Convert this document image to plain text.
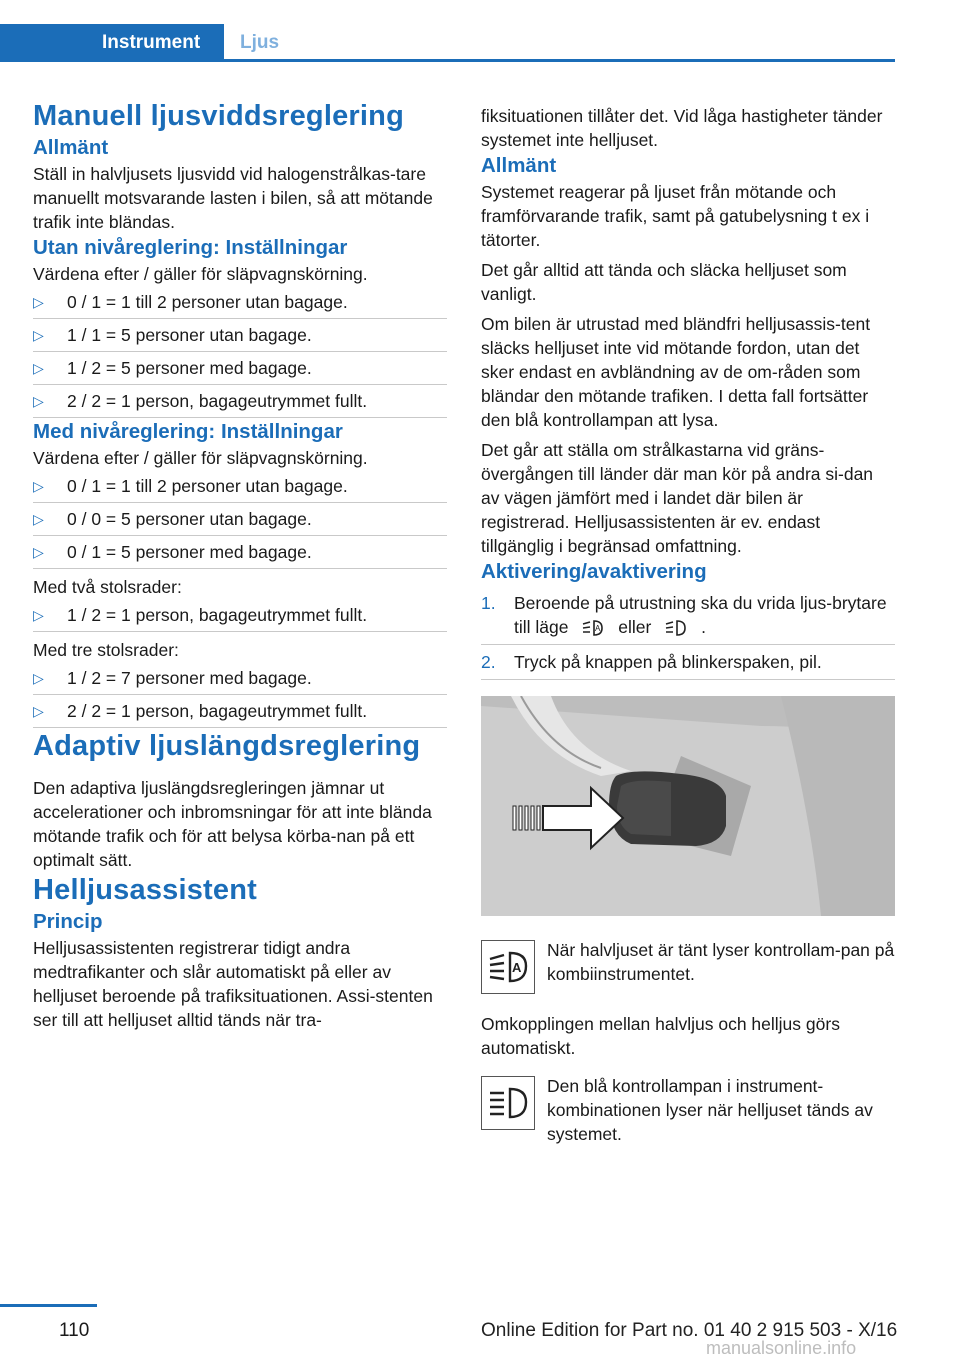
Instrument Ljus
Manuell ljusviddsreglering
Allmänt

Ställ in halvljusets ljusvidd vid halogenstrålkas-tare manuellt motsvarande lasten i bilen, så att mötande trafik inte bländas.

Utan nivåreglering: Inställningar

Värdena efter / gäller för släpvagnskörning.

▷ 0 / 1 = 1 till 2 personer utan bagage.
▷ 1 / 1 = 5 personer utan bagage.
▷ 1 / 2 = 5 personer med bagage.
▷ 2 / 2 = 1 person, bagageutrymmet fullt.
Med nivåreglering: Inställningar

Värdena efter / gäller för släpvagnskörning.

▷ 0 / 1 = 1 till 2 personer utan bagage.
▷ 0 / 0 = 5 personer utan bagage.
▷ 0 / 1 = 5 personer med bagage.

Med två stolsrader:

▷ 1 / 2 = 1 person, bagageutrymmet fullt.

Med tre stolsrader:

▷ 1 / 2 = 7 personer med bagage.
▷ 2 / 2 = 1 person, bagageutrymmet fullt.
Adaptiv ljuslängdsreglering

Den adaptiva ljuslängdsregleringen jämnar ut accelerationer och inbromsningar för att inte blända mötande trafik och för att belysa körba-nan på ett optimalt sätt.

Helljusassistent
Princip

Helljusassistenten registrerar tidigt andra medtrafikanter och slår automatiskt på eller av helljuset beroende på trafiksituationen. Assi-stenten ser till att helljuset alltid tänds när tra-

fiksituationen tillåter det. Vid låga hastigheter tänder systemet inte helljuset.

Allmänt

Systemet reagerar på ljuset från mötande och framförvarande trafik, samt på gatubelysning t ex i tätorter.

Det går alltid att tända och släcka helljuset som vanligt.

Om bilen är utrustad med bländfri helljusassis-tent släcks helljuset inte vid mötande fordon, utan det sker endast en avbländning av de om-råden som bländar den mötande trafiken. I detta fall fortsätter den blå kontrollampan att lysa.

Det går att ställa om strålkastarna vid gräns-övergången till länder där man kör på andra si-dan av vägen jämfört med i landet där bilen är registrerad. Helljusassistenten är ev. endast tillgänglig i begränsad omfattning.

Aktivering/avaktivering
1. Beroende på utrustning ska du vrida ljus-brytare till läge	A eller	.
2. Tryck på knappen på blinkerspaken, pil.
A

När halvljuset är tänt lyser kontrollam-pan på kombiinstrumentet.

Omkopplingen mellan halvljus och helljus görs automatiskt.

Den blå kontrollampan i instrument-kombinationen lyser när helljuset tänds av systemet.

110	Online Edition for Part no. 01 40 2 915 503 - X/16
manualsonline.info
